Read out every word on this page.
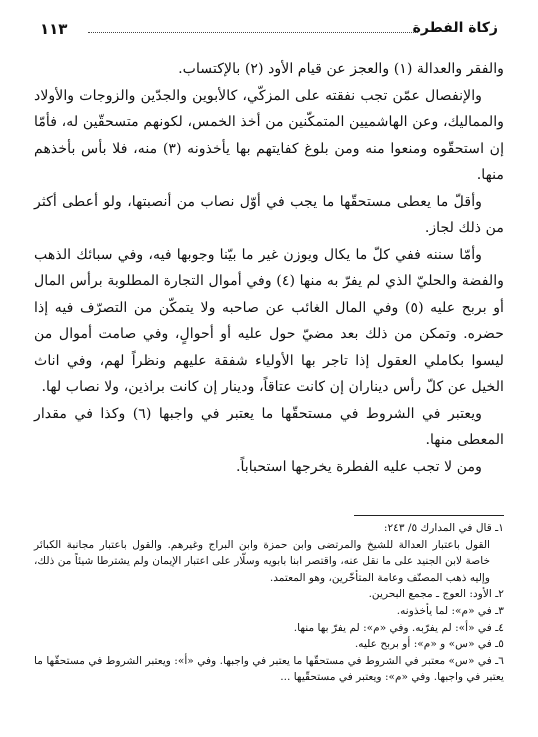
زكاة الفطرة
١١٣

والفقر والعدالة (١) والعجز عن قيام الأود (٢) بالإكتساب.

والإنفصال عمّن تجب نفقته على المزكّي، كالأبوين والجدّين والزوجات والأولاد والمماليك، وعن الهاشميين المتمكّنين من أخذ الخمس، لكونهم متسحقّين له، فأمّا إن استحقّوه ومنعوا منه ومن بلوغ كفايتهم بها يأخذونه (٣) منه، فلا بأس بأخذهم منها.

وأقلّ ما يعطى مستحقّها ما يجب في أوّل نصاب من أنصبتها، ولو أعطى أكثر من ذلك لجاز.

وأمّا سننه ففي كلّ ما يكال ويوزن غير ما بيّنا وجوبها فيه، وفي سبائك الذهب والفضة والحليّ الذي لم يفرّ به منها (٤) وفي أموال التجارة المطلوبة برأس المال أو بربح عليه (٥) وفي المال الغائب عن صاحبه ولا يتمكّن من التصرّف فيه إذا حضره. وتمكن من ذلك بعد مضيّ حول عليه أو أحوالٍ، وفي صامت أموال من ليسوا بكاملي العقول إذا تاجر بها الأولياء شفقة عليهم ونظراً لهم، وفي اناث الخيل عن كلّ رأس ديناران إن كانت عتاقاً، ودينار إن كانت براذين، ولا نصاب لها.

ويعتبر في الشروط في مستحقّها ما يعتبر في واجبها (٦) وكذا في مقدار المعطى منها.

ومن لا تجب عليه الفطرة يخرجها استحباباً.

١ـ قال في المدارك ٥/ ٢٤٣:

القول باعتبار العدالة للشيخ والمرتضى وابن حمزة وابن البراج وغيرهم. والقول باعتبار مجانبة الكبائر خاصة لابن الجنيد على ما نقل عنه، واقتصر ابنا بابويه وسلّار على اعتبار الإيمان ولم يشترطا شيئاً من ذلك، وإليه ذهب المصنّف وعامة المتأخّرين، وهو المعتمد.

٢ـ الأود: العوج ـ مجمع البحرين.

٣ـ في «م»: لما يأخذونه.

٤ـ في «أ»: لم يفرّبه. وفي «م»: لم يفرّ بها منها.

٥ـ في «س» و «م»: أو بربح عليه.

٦ـ في «س» معتبر في الشروط في مستحقّها ما يعتبر في واجبها. وفي «أ»: ويعتبر الشروط في مستحقّها ما يعتبر في واجبها. وفي «م»: ويعتبر في مستحقّيها ...
